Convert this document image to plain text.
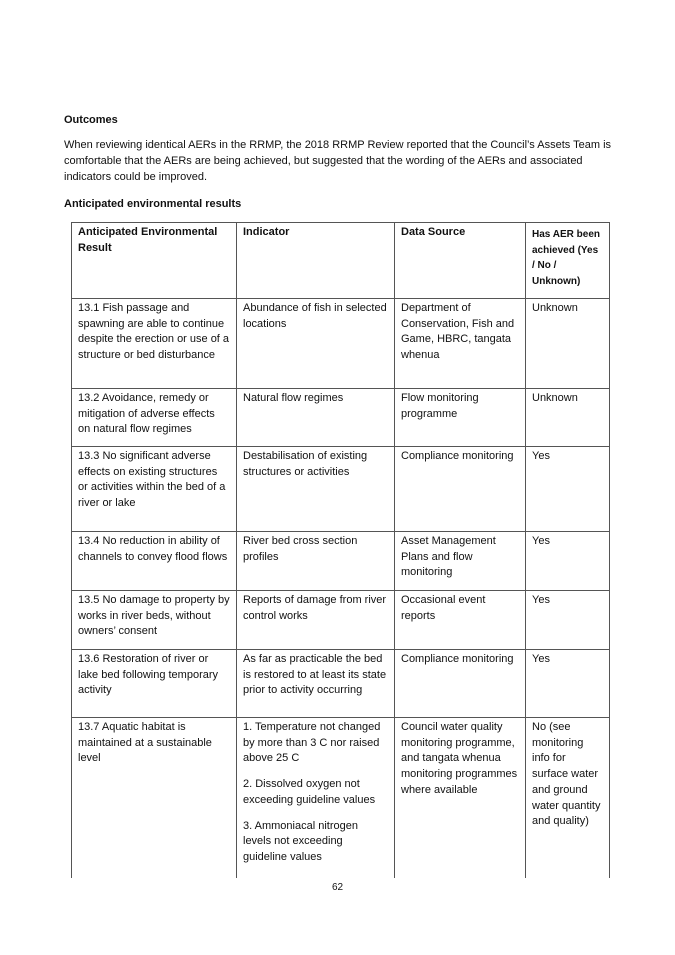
Outcomes
When reviewing identical AERs in the RRMP, the 2018 RRMP Review reported that the Council’s Assets Team is comfortable that the AERs are being achieved, but suggested that the wording of the AERs and associated indicators could be improved.
Anticipated environmental results
Anticipated Environmental Result	Indicator	Data Source	Has AER been achieved (Yes / No / Unknown)
13.1 Fish passage and spawning are able to continue despite the erection or use of a structure or bed disturbance	Abundance of fish in selected locations	Department of Conservation, Fish and Game, HBRC, tangata whenua	Unknown
13.2 Avoidance, remedy or mitigation of adverse effects on natural flow regimes	Natural flow regimes	Flow monitoring programme	Unknown
13.3 No significant adverse effects on existing structures or activities within the bed of a river or lake	Destabilisation of existing structures or activities	Compliance monitoring	Yes
13.4 No reduction in ability of channels to convey flood flows	River bed cross section profiles	Asset Management Plans and flow monitoring	Yes
13.5 No damage to property by works in river beds, without owners’ consent	Reports of damage from river control works	Occasional event reports	Yes
13.6 Restoration of river or lake bed following temporary activity	As far as practicable the bed is restored to at least its state prior to activity occurring	Compliance monitoring	Yes
13.7 Aquatic habitat is maintained at a sustainable level	1. Temperature not changed by more than 3 C nor raised above 25 C

2. Dissolved oxygen not exceeding guideline values

3. Ammoniacal nitrogen levels not exceeding guideline values	Council water quality monitoring programme, and tangata whenua monitoring programmes where available	No (see monitoring info for surface water and ground water quantity and quality)
62
